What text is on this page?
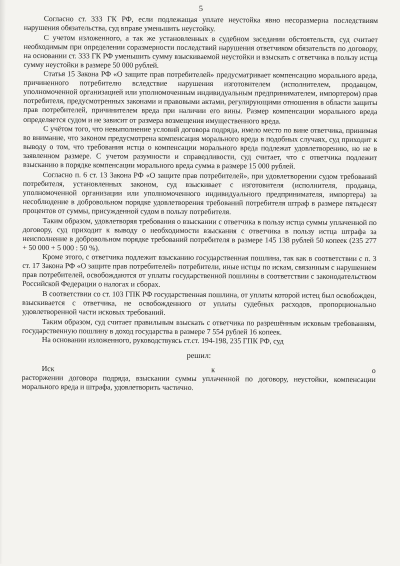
5

Согласно ст. 333 ГК РФ, если подлежащая уплате неустойка явно несоразмерна последствиям нарушения обязательства, суд вправе уменьшить неустойку.

С учетом изложенного, а так же установленных в судебном заседании обстоятельств, суд считает необходимым при определении соразмерности последствий нарушения ответчиком обязательств по договору, на основании ст. 333 ГК РФ уменьшить сумму взыскиваемой неустойки и взыскать с ответчика в пользу истца сумму неустойки в размере 50 000 рублей.

Статья 15 Закона РФ «О защите прав потребителей» предусматривает компенсацию морального вреда, причиненного потребителю вследствие нарушения изготовителем (исполнителем, продавцом, уполномоченной организацией или уполномоченным индивидуальным предпринимателем, импортером) прав потребителя, предусмотренных законами и правовыми актами, регулирующими отношения в области защиты прав потребителей, причинителем вреда при наличии его вины. Размер компенсации морального вреда определяется судом и не зависит от размера возмещения имущественного вреда.

С учётом того, что невыполнение условий договора подряда, имело место по вине ответчика, принимая во внимание, что законом предусмотрена компенсация морального вреда в подобных случаях, суд приходит к выводу о том, что требования истца о компенсации морального вреда подлежат удовлетворению, но не в заявленном размере. С учетом разумности и справедливости, суд считает, что с ответчика подлежит взысканию в порядке компенсации морального вреда сумма в размере 15 000 рублей.

Согласно п. 6 ст. 13 Закона РФ «О защите прав потребителей», при удовлетворении судом требований потребителя, установленных законом, суд взыскивает с изготовителя (исполнителя, продавца, уполномоченной организации или уполномоченного индивидуального предпринимателя, импортера) за несоблюдение в добровольном порядке удовлетворения требований потребителя штраф в размере пятьдесят процентов от суммы, присужденной судом в пользу потребителя.

Таким образом, удовлетворяя требования о взыскании с ответчика в пользу истца суммы уплаченной по договору, суд приходит к выводу о необходимости взыскания с ответчика в пользу истца штрафа за неисполнение в добровольном порядке требований потребителя в размере 145 138 рублей 50 копеек (235 277 + 50 000 + 5 000 : 50 %).

Кроме этого, с ответчика подлежит взысканию государственная пошлина, так как в соответствии с п. 3 ст. 17 Закона РФ «О защите прав потребителей» потребители, иные истцы по искам, связанным с нарушением прав потребителей, освобождаются от уплаты государственной пошлины в соответствии с законодательством Российской Федерации о налогах и сборах.

В соответствии со ст. 103 ГПК РФ государственная пошлина, от уплаты которой истец был освобожден, взыскивается с ответчика, не освобожденного от уплаты судебных расходов, пропорционально удовлетворенной части исковых требований.

Таким образом, суд считает правильным взыскать с ответчика по разрешённым исковым требованиям, государственную пошлину в доход государства в размере 7 554 рублей 16 копеек.

На основании изложенного, руководствуясь ст.ст. 194-198, 235 ГПК РФ, суд

решил:
Иск	к	о

расторжении договора подряда, взыскании суммы уплаченной по договору, неустойки, компенсации морального вреда и штрафа, удовлетворить частично.
